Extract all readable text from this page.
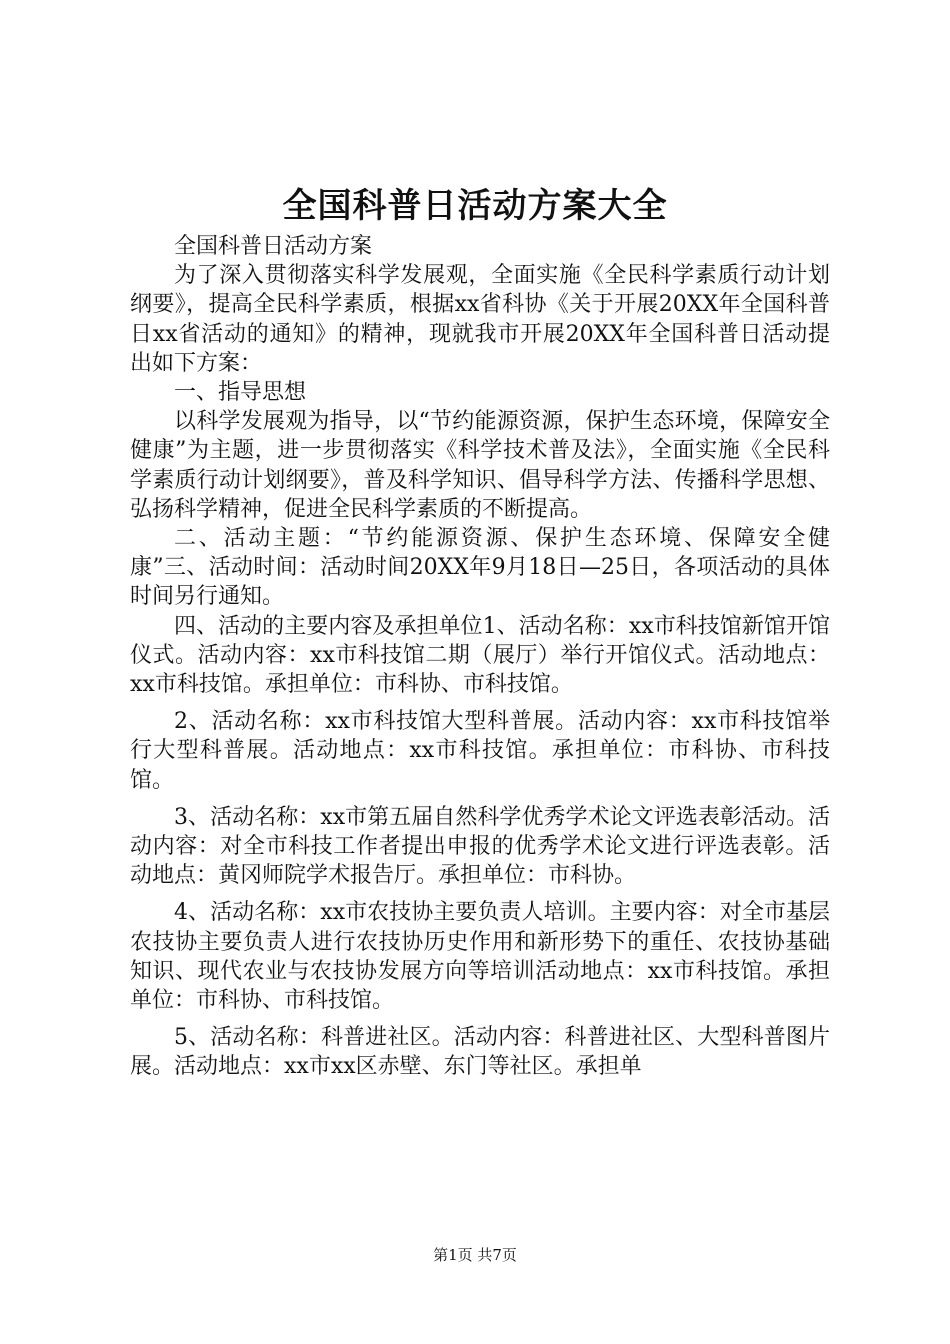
全国科普日活动方案大全

全国科普日活动方案

为了深入贯彻落实科学发展观，全面实施《全民科学素质行动计划纲要》，提高全民科学素质，根据xx省科协《关于开展20XX年全国科普日xx省活动的通知》的精神，现就我市开展20XX年全国科普日活动提出如下方案：

一、指导思想

以科学发展观为指导，以“节约能源资源，保护生态环境，保障安全健康”为主题，进一步贯彻落实《科学技术普及法》，全面实施《全民科学素质行动计划纲要》，普及科学知识、倡导科学方法、传播科学思想、弘扬科学精神，促进全民科学素质的不断提高。

二、活动主题：“节约能源资源、保护生态环境、保障安全健康”三、活动时间：活动时间20XX年9月18日—25日，各项活动的具体时间另行通知。

四、活动的主要内容及承担单位1、活动名称：xx市科技馆新馆开馆仪式。活动内容：xx市科技馆二期（展厅）举行开馆仪式。活动地点：xx市科技馆。承担单位：市科协、市科技馆。

2、活动名称：xx市科技馆大型科普展。活动内容：xx市科技馆举行大型科普展。活动地点：xx市科技馆。承担单位：市科协、市科技馆。

3、活动名称：xx市第五届自然科学优秀学术论文评选表彰活动。活动内容：对全市科技工作者提出申报的优秀学术论文进行评选表彰。活动地点：黄冈师院学术报告厅。承担单位：市科协。

4、活动名称：xx市农技协主要负责人培训。主要内容：对全市基层农技协主要负责人进行农技协历史作用和新形势下的重任、农技协基础知识、现代农业与农技协发展方向等培训活动地点：xx市科技馆。承担单位：市科协、市科技馆。

5、活动名称：科普进社区。活动内容：科普进社区、大型科普图片展。活动地点：xx市xx区赤壁、东门等社区。承担单

第1页 共7页
